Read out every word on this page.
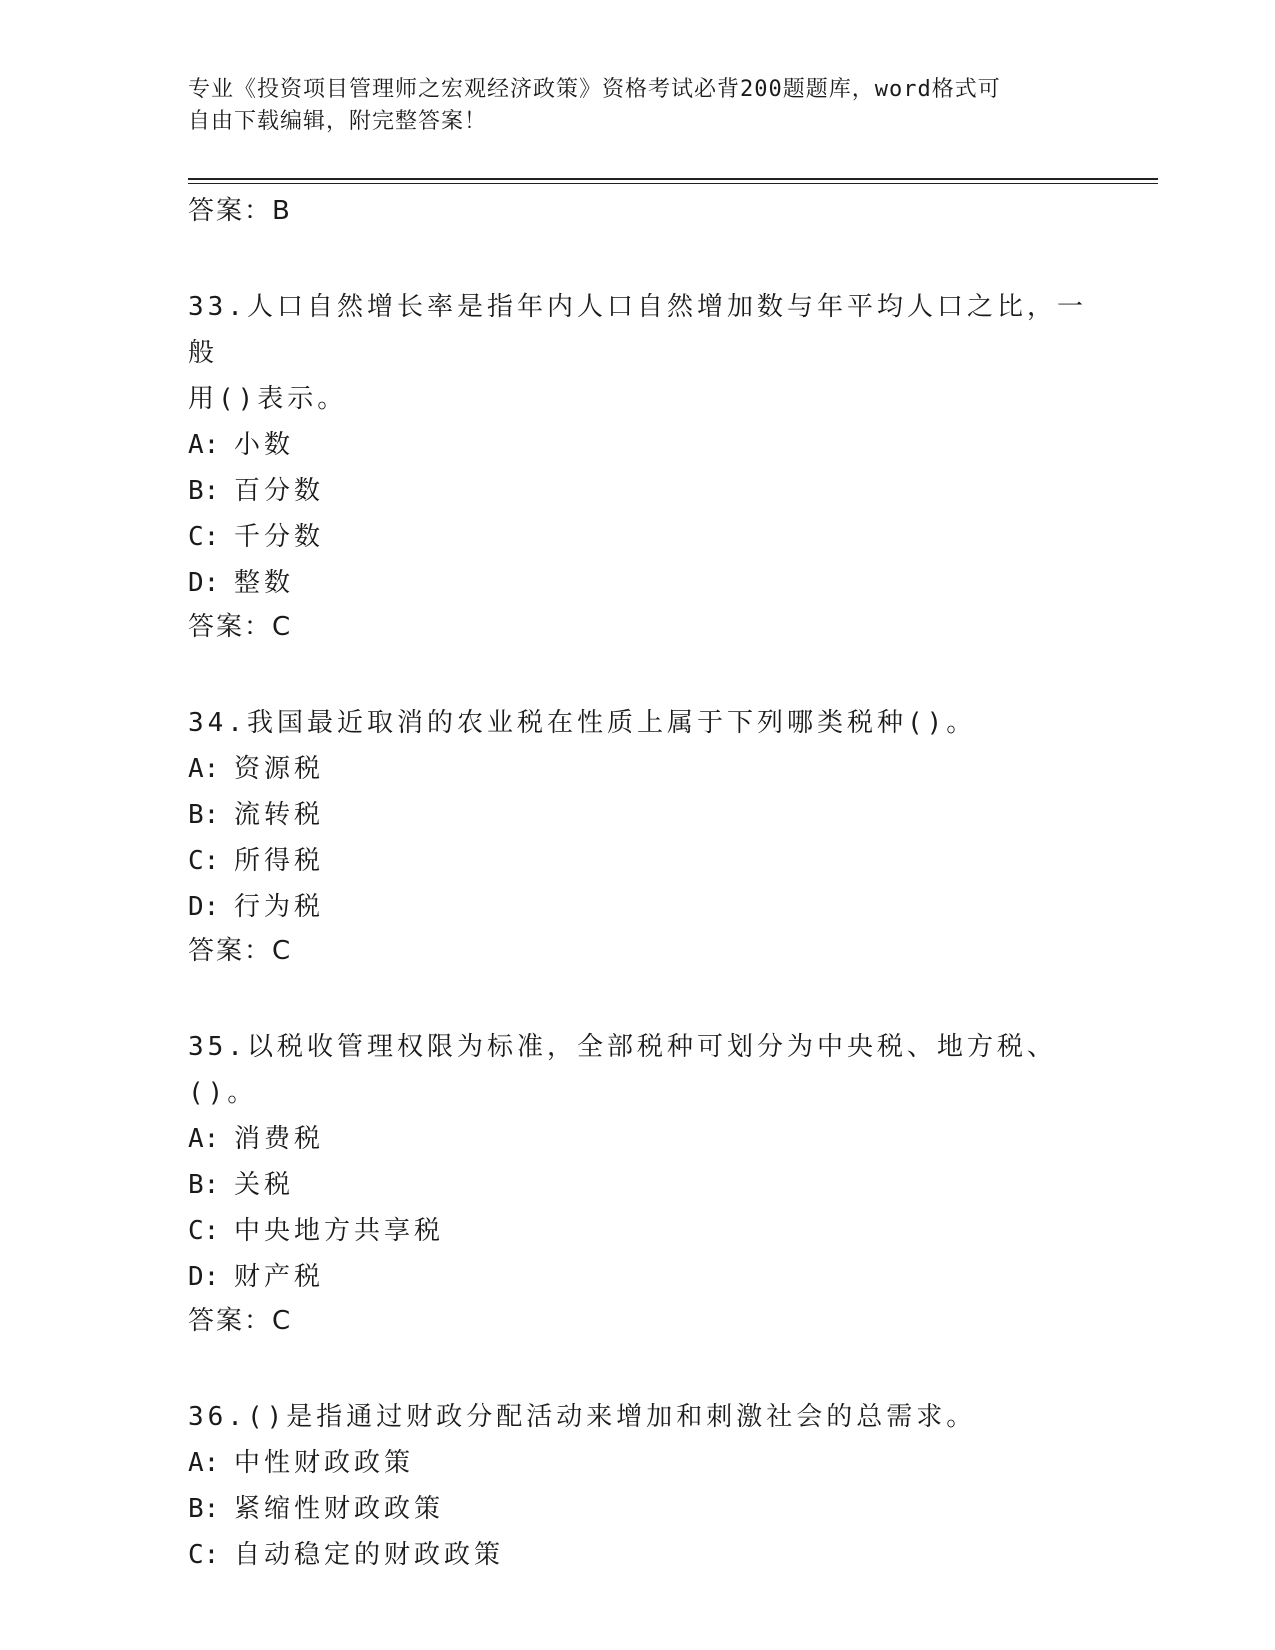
专业《投资项目管理师之宏观经济政策》资格考试必背200题题库，word格式可
自由下载编辑，附完整答案！
答案：B
33.人口自然增长率是指年内人口自然增加数与年平均人口之比，一般
用()表示。
A: 小数
B: 百分数
C: 千分数
D: 整数
答案：C
34.我国最近取消的农业税在性质上属于下列哪类税种()。
A: 资源税
B: 流转税
C: 所得税
D: 行为税
答案：C
35.以税收管理权限为标准，全部税种可划分为中央税、地方税、()。
A: 消费税
B: 关税
C: 中央地方共享税
D: 财产税
答案：C
36.()是指通过财政分配活动来增加和刺激社会的总需求。
A: 中性财政政策
B: 紧缩性财政政策
C: 自动稳定的财政政策
